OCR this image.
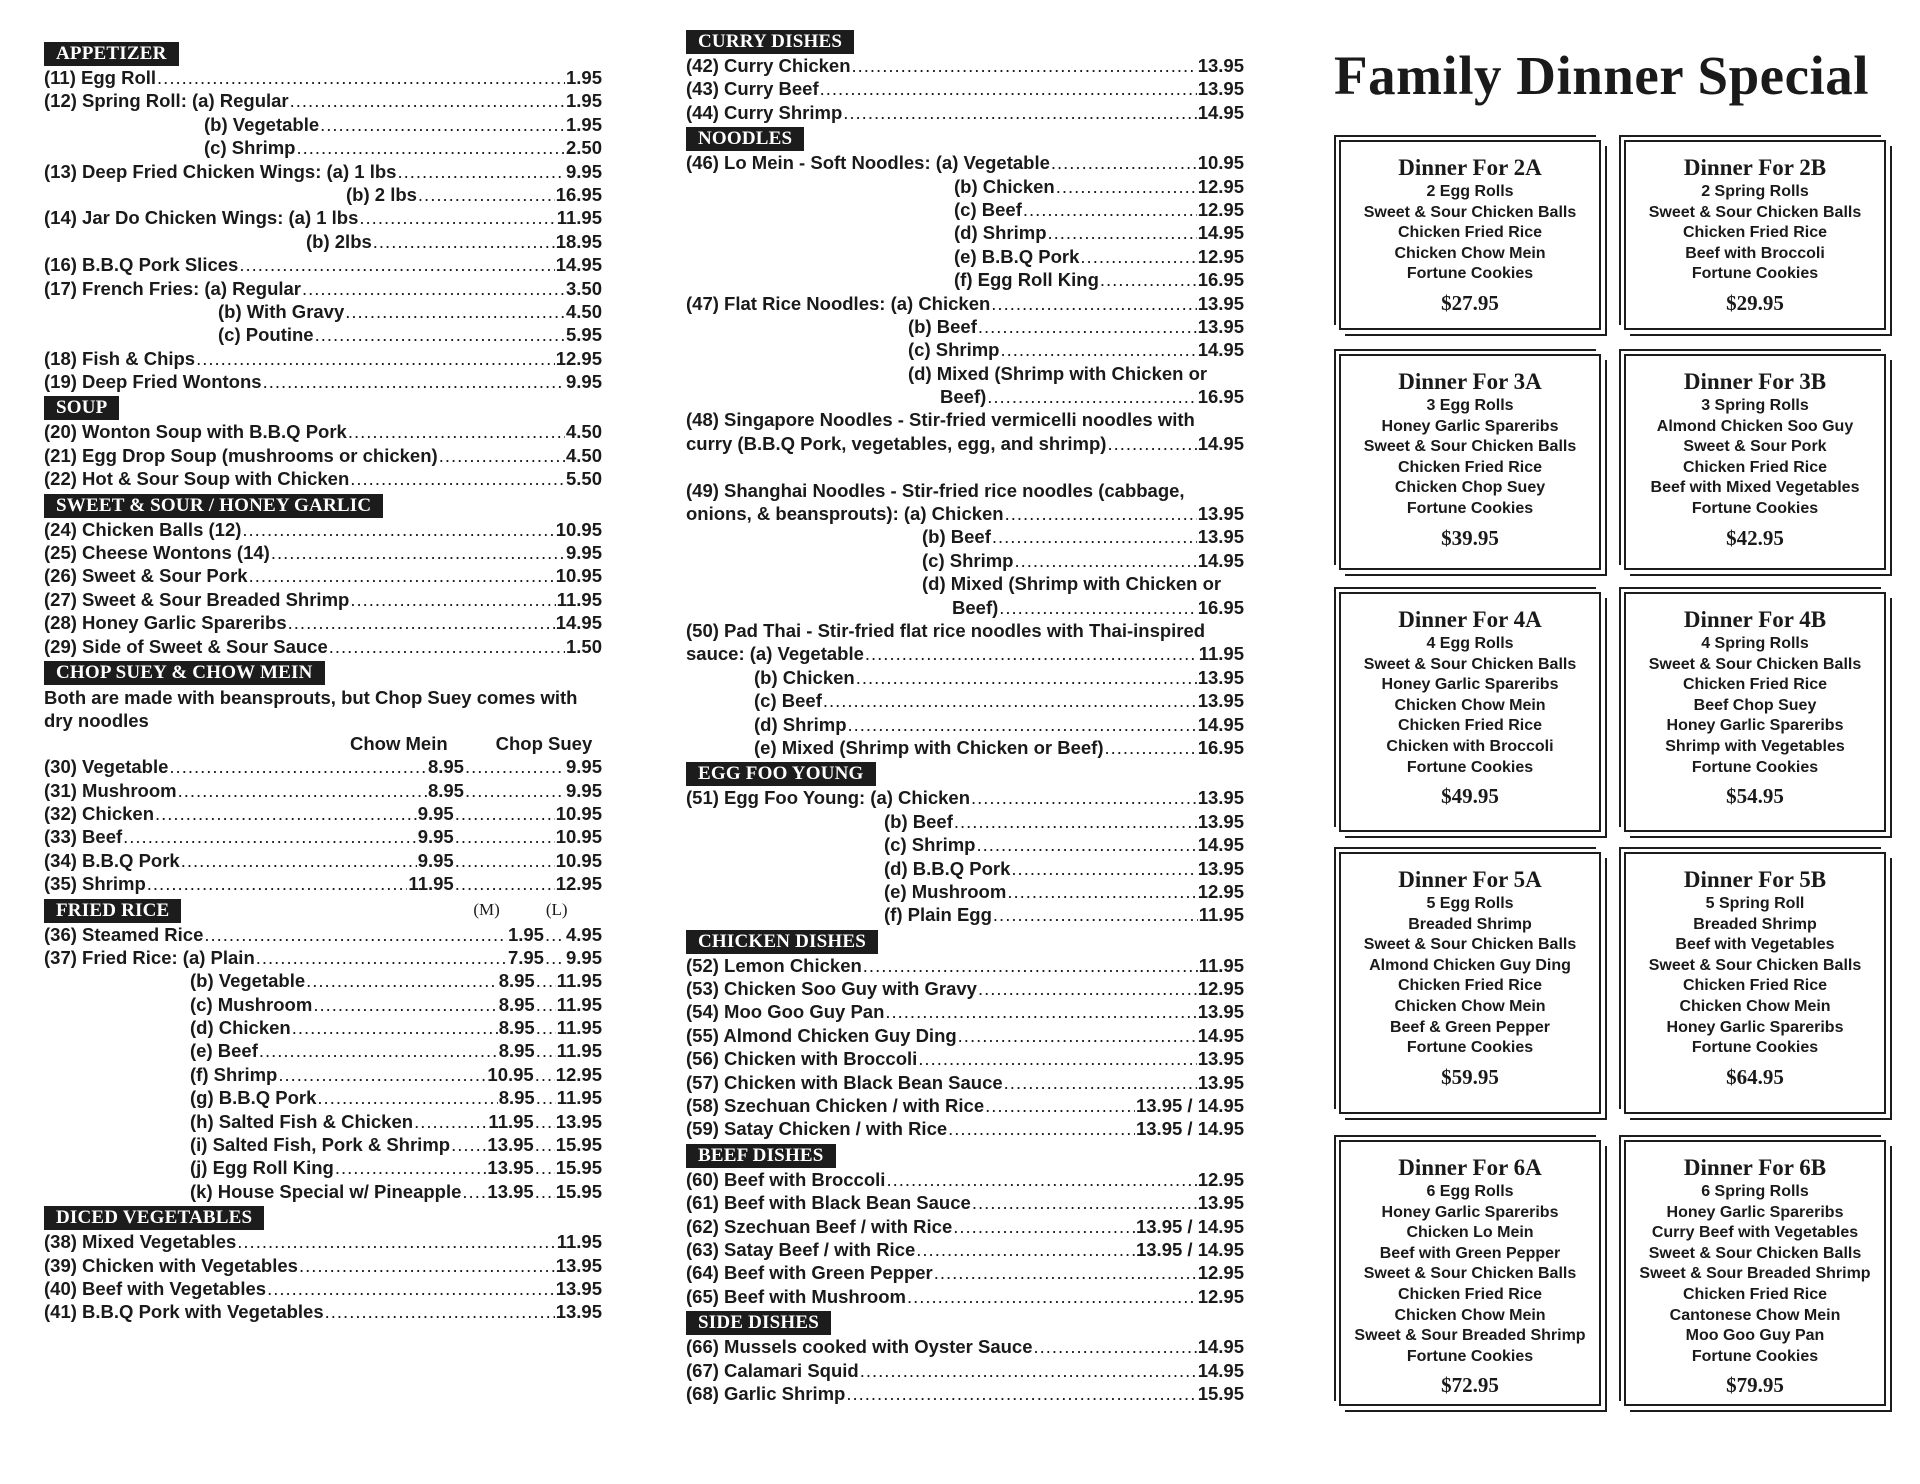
APPETIZER
(11) Egg Roll .....	1.95
(12) Spring Roll: (a) Regular .....	1.95
(b) Vegetable .....	1.95
(c) Shrimp .....	2.50
(13) Deep Fried Chicken Wings: (a) 1 lbs .....	9.95
(b) 2 lbs .....	16.95
(14) Jar Do Chicken Wings: (a) 1 lbs .....	11.95
(b) 2lbs .....	18.95
(16) B.B.Q Pork Slices .....	14.95
(17) French Fries: (a) Regular .....	3.50
(b) With Gravy .....	4.50
(c) Poutine .....	5.95
(18) Fish & Chips .....	12.95
(19) Deep Fried Wontons .....	9.95
SOUP
(20) Wonton Soup with B.B.Q Pork .....	4.50
(21) Egg Drop Soup (mushrooms or chicken) .....	4.50
(22) Hot & Sour Soup with Chicken .....	5.50
SWEET & SOUR / HONEY GARLIC
(24) Chicken Balls (12) .....	10.95
(25) Cheese Wontons (14) .....	9.95
(26) Sweet & Sour Pork .....	10.95
(27) Sweet & Sour Breaded Shrimp .....	11.95
(28) Honey Garlic Spareribs .....	14.95
(29) Side of Sweet & Sour Sauce .....	1.50
CHOP SUEY & CHOW MEIN
Both are made with beansprouts, but Chop Suey comes with dry noodles
Chow Mein	Chop Suey
(30) Vegetable .....	8.95 .....	9.95
(31) Mushroom .....	8.95 .....	9.95
(32) Chicken .....	9.95 .....	10.95
(33) Beef .....	9.95 .....	10.95
(34) B.B.Q Pork .....	9.95 .....	10.95
(35) Shrimp .....	11.95 .....	12.95
FRIED RICE	(M)	(L)
(36) Steamed Rice .....	1.95 ..... 4.95
(37) Fried Rice: (a) Plain .....	7.95 ..... 9.95
(b) Vegetable .....	8.95 ..... 11.95
(c) Mushroom .....	8.95 ..... 11.95
(d) Chicken .....	8.95 ..... 11.95
(e) Beef .....	8.95 ..... 11.95
(f) Shrimp .....	10.95 ..... 12.95
(g) B.B.Q Pork .....	8.95 ..... 11.95
(h) Salted Fish & Chicken .....	11.95 ..... 13.95
(i) Salted Fish, Pork & Shrimp ..... 13.95 ..... 15.95
(j) Egg Roll King .....	13.95 ..... 15.95
(k) House Special w/ Pineapple ..... 13.95 ..... 15.95
DICED VEGETABLES
(38) Mixed Vegetables .....	11.95
(39) Chicken with Vegetables .....	13.95
(40) Beef with Vegetables .....	13.95
(41) B.B.Q Pork with Vegetables .....	13.95
CURRY DISHES
(42) Curry Chicken .....	13.95
(43) Curry Beef .....	13.95
(44) Curry Shrimp .....	14.95
NOODLES
(46) Lo Mein - Soft Noodles: (a) Vegetable .....	10.95
(b) Chicken .....	12.95
(c) Beef .....	12.95
(d) Shrimp .....	14.95
(e) B.B.Q Pork .....	12.95
(f) Egg Roll King .....	16.95
(47) Flat Rice Noodles: (a) Chicken .....	13.95
(b) Beef .....	13.95
(c) Shrimp .....	14.95
(d) Mixed (Shrimp with Chicken or
Beef) .....	16.95
(48) Singapore Noodles - Stir-fried vermicelli noodles with
curry (B.B.Q Pork, vegetables, egg, and shrimp) .....	14.95
(49) Shanghai Noodles - Stir-fried rice noodles (cabbage,
onions, & beansprouts): (a) Chicken .....	13.95
(b) Beef .....	13.95
(c) Shrimp .....	14.95
(d) Mixed (Shrimp with Chicken or
Beef) .....	16.95
(50) Pad Thai - Stir-fried flat rice noodles with Thai-inspired
sauce: (a) Vegetable .....	11.95
(b) Chicken .....	13.95
(c) Beef .....	13.95
(d) Shrimp .....	14.95
(e) Mixed (Shrimp with Chicken or Beef) .....	16.95
EGG FOO YOUNG
(51) Egg Foo Young: (a) Chicken .....	13.95
(b) Beef .....	13.95
(c) Shrimp .....	14.95
(d) B.B.Q Pork .....	13.95
(e) Mushroom .....	12.95
(f) Plain Egg .....	11.95
CHICKEN DISHES
(52) Lemon Chicken .....	11.95
(53) Chicken Soo Guy with Gravy .....	12.95
(54) Moo Goo Guy Pan .....	13.95
(55) Almond Chicken Guy Ding .....	14.95
(56) Chicken with Broccoli .....	13.95
(57) Chicken with Black Bean Sauce .....	13.95
(58) Szechuan Chicken / with Rice .....	13.95 / 14.95
(59) Satay Chicken / with Rice .....	13.95 / 14.95
BEEF DISHES
(60) Beef with Broccoli .....	12.95
(61) Beef with Black Bean Sauce .....	13.95
(62) Szechuan Beef / with Rice .....	13.95 / 14.95
(63) Satay Beef / with Rice .....	13.95 / 14.95
(64) Beef with Green Pepper .....	12.95
(65) Beef with Mushroom .....	12.95
SIDE DISHES
(66) Mussels cooked with Oyster Sauce .....	14.95
(67) Calamari Squid .....	14.95
(68) Garlic Shrimp .....	15.95
Family Dinner Special
Dinner For 2A
2 Egg Rolls
Sweet & Sour Chicken Balls
Chicken Fried Rice
Chicken Chow Mein
Fortune Cookies
$27.95
Dinner For 2B
2 Spring Rolls
Sweet & Sour Chicken Balls
Chicken Fried Rice
Beef with Broccoli
Fortune Cookies
$29.95
Dinner For 3A
3 Egg Rolls
Honey Garlic Spareribs
Sweet & Sour Chicken Balls
Chicken Fried Rice
Chicken Chop Suey
Fortune Cookies
$39.95
Dinner For 3B
3 Spring Rolls
Almond Chicken Soo Guy
Sweet & Sour Pork
Chicken Fried Rice
Beef with Mixed Vegetables
Fortune Cookies
$42.95
Dinner For 4A
4 Egg Rolls
Sweet & Sour Chicken Balls
Honey Garlic Spareribs
Chicken Chow Mein
Chicken Fried Rice
Chicken with Broccoli
Fortune Cookies
$49.95
Dinner For 4B
4 Spring Rolls
Sweet & Sour Chicken Balls
Chicken Fried Rice
Beef Chop Suey
Honey Garlic Spareribs
Shrimp with Vegetables
Fortune Cookies
$54.95
Dinner For 5A
5 Egg Rolls
Breaded Shrimp
Sweet & Sour Chicken Balls
Almond Chicken Guy Ding
Chicken Fried Rice
Chicken Chow Mein
Beef & Green Pepper
Fortune Cookies
$59.95
Dinner For 5B
5 Spring Roll
Breaded Shrimp
Beef with Vegetables
Sweet & Sour Chicken Balls
Chicken Fried Rice
Chicken Chow Mein
Honey Garlic Spareribs
Fortune Cookies
$64.95
Dinner For 6A
6 Egg Rolls
Honey Garlic Spareribs
Chicken Lo Mein
Beef with Green Pepper
Sweet & Sour Chicken Balls
Chicken Fried Rice
Chicken Chow Mein
Sweet & Sour Breaded Shrimp
Fortune Cookies
$72.95
Dinner For 6B
6 Spring Rolls
Honey Garlic Spareribs
Curry Beef with Vegetables
Sweet & Sour Chicken Balls
Sweet & Sour Breaded Shrimp
Chicken Fried Rice
Cantonese Chow Mein
Moo Goo Guy Pan
Fortune Cookies
$79.95
